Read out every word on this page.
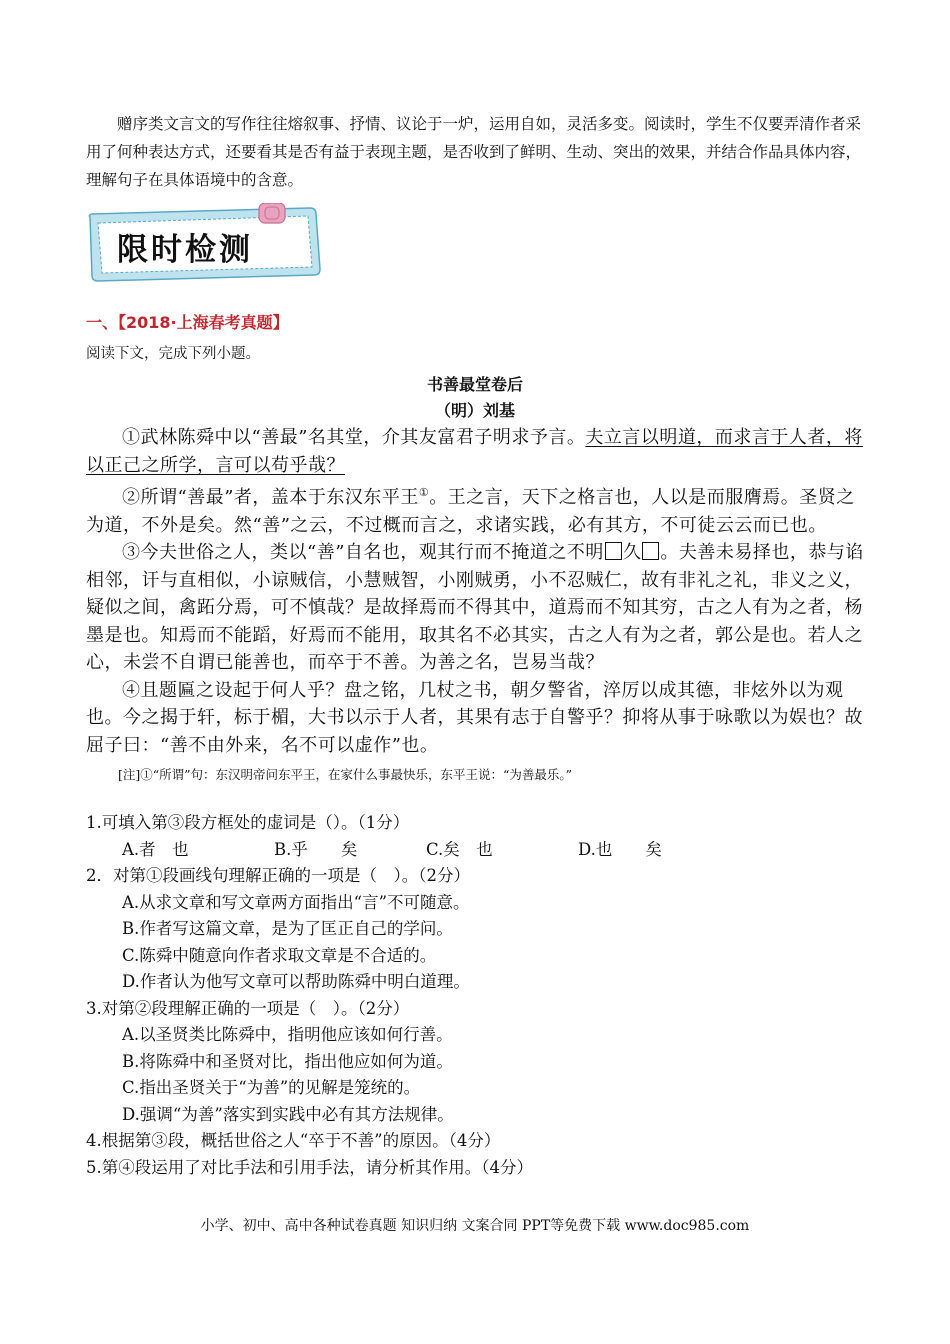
赠序类文言文的写作往往熔叙事、抒情、议论于一炉，运用自如，灵活多变。阅读时，学生不仅要弄清作者采用了何种表达方式，还要看其是否有益于表现主题，是否收到了鲜明、生动、突出的效果，并结合作品具体内容，理解句子在具体语境中的含意。

限时检测
一、【2018·上海春考真题】
阅读下文，完成下列小题。
书善最堂卷后
（明）刘基

①武林陈舜中以“善最”名其堂，介其友富君子明求予言。夫立言以明道，而求言于人者，将以正己之所学，言可以苟乎哉？

②所谓“善最”者，盖本于东汉东平王①。王之言，天下之格言也，人以是而服膺焉。圣贤之为道，不外是矣。然“善”之云，不过概而言之，求诸实践，必有其方，不可徒云云而已也。

③今夫世俗之人，类以“善”自名也，观其行而不掩道之不明 久 。夫善未易择也，恭与谄相邻，讦与直相似，小谅贼信，小慧贼智，小刚贼勇，小不忍贼仁，故有非礼之礼，非义之义，疑似之间，禽跖分焉，可不慎哉？是故择焉而不得其中，道焉而不知其穷，古之人有为之者，杨墨是也。知焉而不能蹈，好焉而不能用，取其名不必其实，古之人有为之者，郭公是也。若人之心，未尝不自谓已能善也，而卒于不善。为善之名，岂易当哉？

④且题匾之设起于何人乎？盘之铭，几杖之书，朝夕警省，淬厉以成其德，非炫外以为观也。今之揭于轩，标于楣，大书以示于人者，其果有志于自警乎？抑将从事于咏歌以为娱也？故屈子曰：“善不由外来，名不可以虚作”也。

[注]①“所谓”句：东汉明帝问东平王，在家什么事最快乐，东平王说：“为善最乐。”

1.可填入第③段方框处的虚词是（）。（1分）

A.者　也	B.乎　　矣	C.矣　也	D.也　　矣

2．对第①段画线句理解正确的一项是（　）。（2分）

A.从求文章和写文章两方面指出“言”不可随意。

B.作者写这篇文章，是为了匡正自己的学问。

C.陈舜中随意向作者求取文章是不合适的。

D.作者认为他写文章可以帮助陈舜中明白道理。

3.对第②段理解正确的一项是（　）。（2分）

A.以圣贤类比陈舜中，指明他应该如何行善。

B.将陈舜中和圣贤对比，指出他应如何为道。

C.指出圣贤关于“为善”的见解是笼统的。

D.强调“为善”落实到实践中必有其方法规律。

4.根据第③段，概括世俗之人“卒于不善”的原因。（4分）

5.第④段运用了对比手法和引用手法，请分析其作用。（4分）

小学、初中、高中各种试卷真题 知识归纳 文案合同 PPT等免费下载 www.doc985.com
